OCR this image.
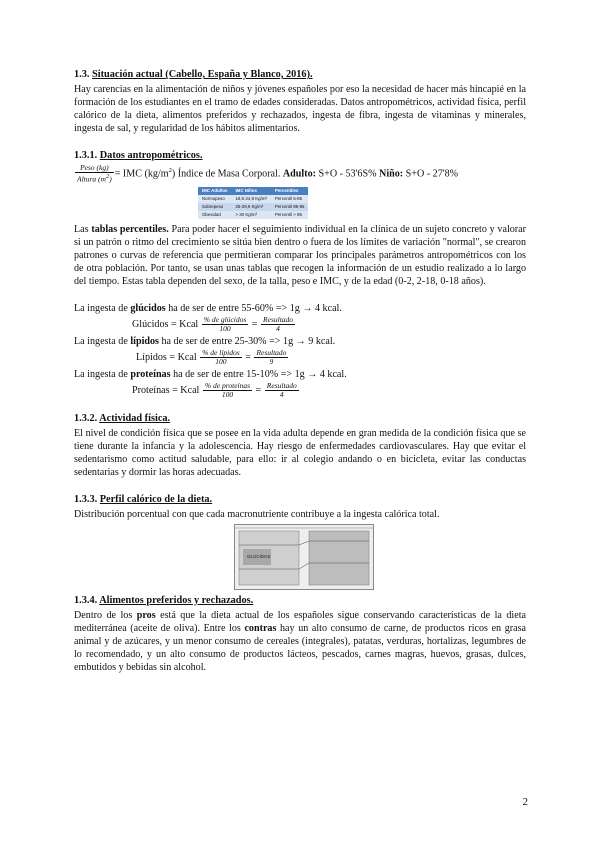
1.3. Situación actual (Cabello, España y Blanco, 2016).

Hay carencias en la alimentación de niños y jóvenes españoles por eso la necesidad de hacer más hincapié en la formación de los estudiantes en el tramo de edades consideradas. Datos antropométricos, actividad física, perfil calórico de la dieta, alimentos preferidos y rechazados, ingesta de fibra, ingesta de vitaminas y minerales, ingesta de sal, y regularidad de los hábitos alimentarios.

1.3.1. Datos antropométricos.
$\frac{\text{Peso (kg)}}{Altura (m^2)}$ = IMC $(kg/m^2)$ Índice de Masa Corporal. Adulto: S+O - 53'6S% Niño: S+O - 27'8%
IMC Adultos	IMC Niños	Percentiles
Normopeso	18,5-24,9 Kg/m²	Percentil 5-85
Sobrepeso	25-29,9 Kg/m²	Percentil 85-95
Obesidad	> 30 Kg/m²	Percentil > 95

Las tablas percentiles. Para poder hacer el seguimiento individual en la clínica de un sujeto concreto y valorar si un patrón o ritmo del crecimiento se sitúa bien dentro o fuera de los límites de variación "normal", se crearon patrones o curvas de referencia que permitieran comparar los principales parámetros antropométricos con los de otra población. Por tanto, se usan unas tablas que recogen la información de un estudio realizado a lo largo del tiempo. Estas tabla dependen del sexo, de la talla, peso e IMC, y de la edad (0-2, 2-18, 0-18 años).

La ingesta de glúcidos ha de ser de entre 55-60% => 1g → 4 kcal.

Glúcidos = Kcal $\frac{\text{\% de glúcidos}}{100} = \frac{\text{Resultado}}{4}$

La ingesta de lípidos ha de ser de entre 25-30% => 1g → 9 kcal.

Lípidos = Kcal $\frac{\text{\% de lípidos}}{100} = \frac{\text{Resultado}}{9}$

La ingesta de proteínas ha de ser de entre 15-10% => 1g → 4 kcal.

Proteínas = Kcal $\frac{\text{\% de proteínas}}{100} = \frac{\text{Resultado}}{4}$
1.3.2. Actividad física.

El nivel de condición física que se posee en la vida adulta depende en gran medida de la condición física que se tiene durante la infancia y la adolescencia. Hay riesgo de enfermedades cardiovasculares. Hay que evitar el sedentarismo como actitud saludable, para ello: ir al colegio andando o en bicicleta, evitar las conductas sedentarias y dormir las horas adecuadas.

1.3.3. Perfil calórico de la dieta.

Distribución porcentual con que cada macronutriente contribuye a la ingesta calórica total.

GLÚCIDOS
1.3.4. Alimentos preferidos y rechazados.

Dentro de los pros está que la dieta actual de los españoles sigue conservando características de la dieta mediterránea (aceite de oliva). Entre los contras hay un alto consumo de carne, de productos ricos en grasa animal y de azúcares, y un menor consumo de cereales (integrales), patatas, verduras, hortalizas, legumbres de lo recomendado, y un alto consumo de productos lácteos, pescados, carnes magras, huevos, grasas, dulces, embutidos y bebidas sin alcohol.

2
